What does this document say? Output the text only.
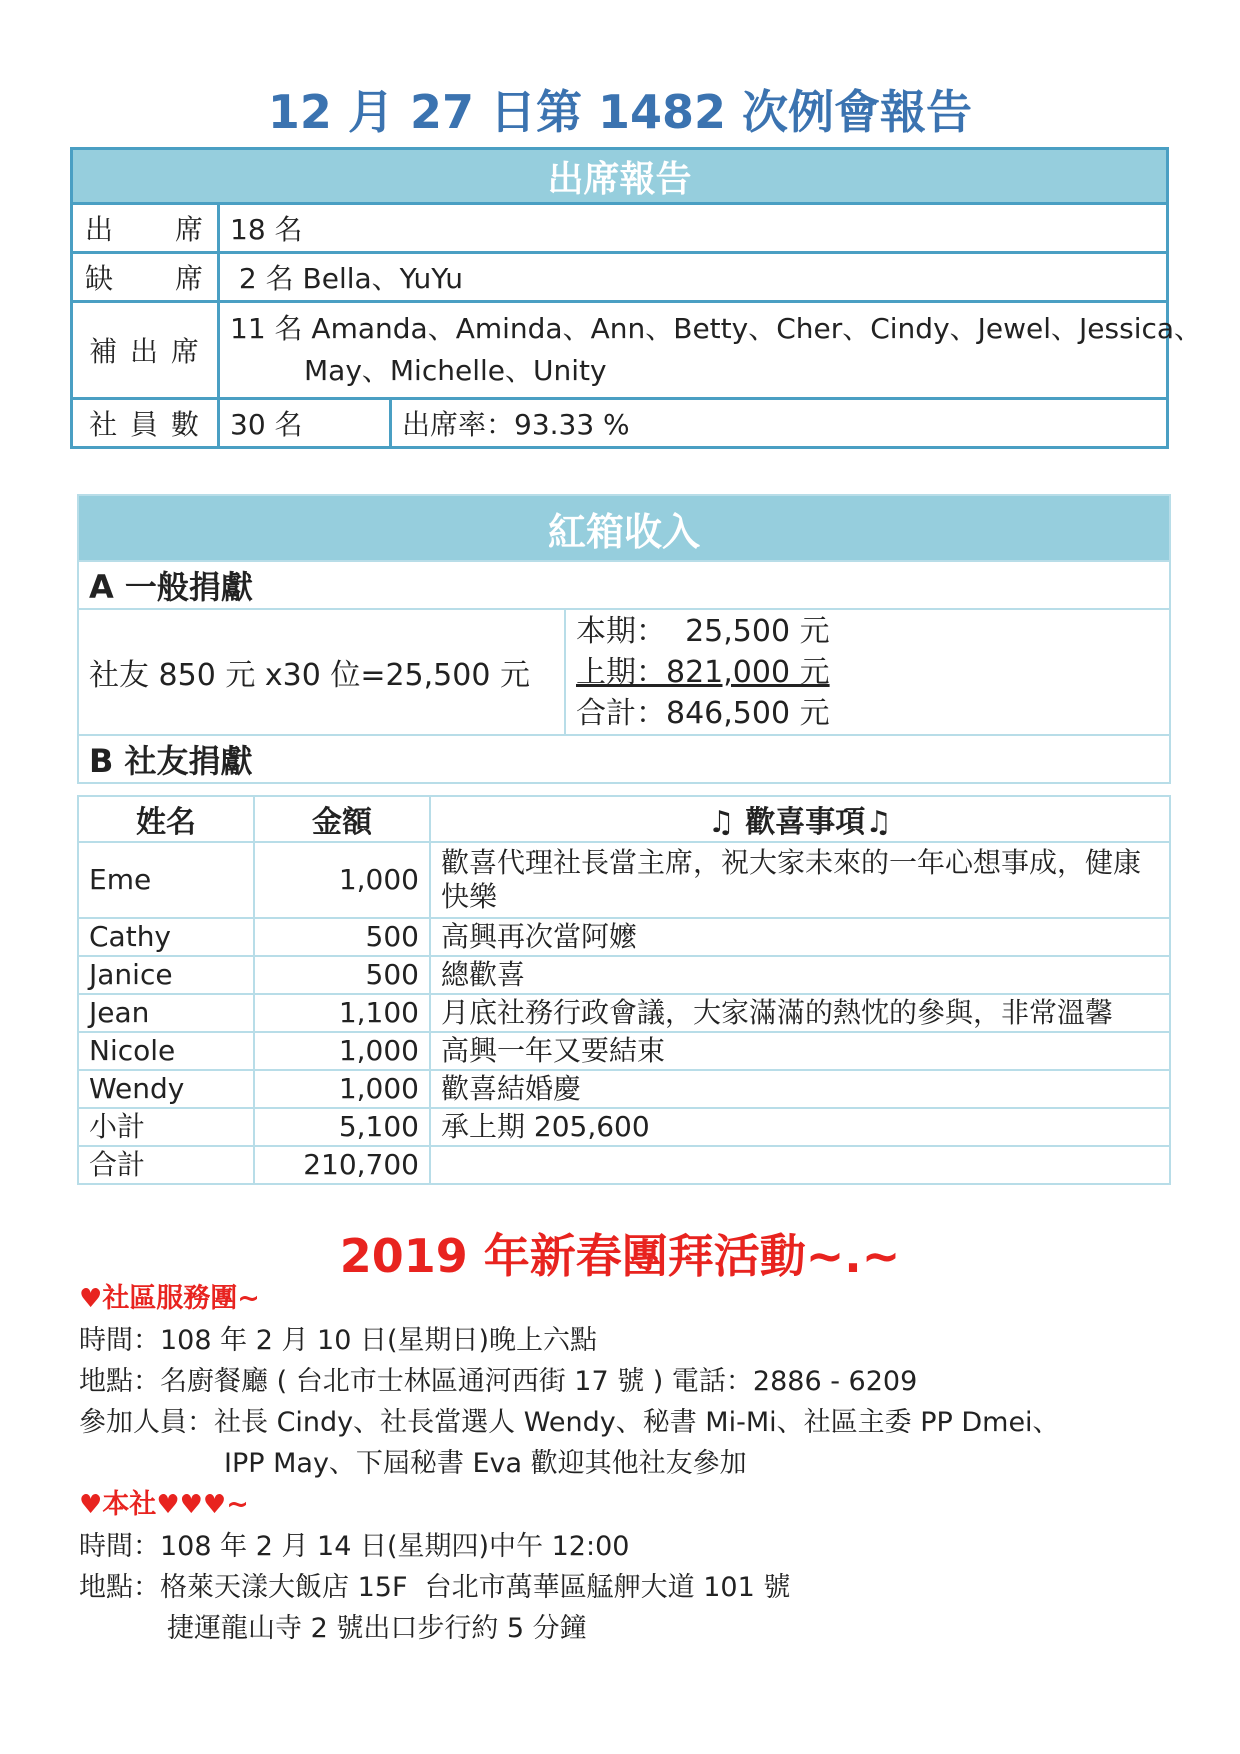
12 月 27 日第 1482 次例會報告
出席報告		
出　　席	18 名	
缺　　席	2 名 Bella、YuYu	
補 出 席	11 名 Amanda、Aminda、Ann、Betty、Cher、Cindy、Jewel、Jessica、
May、Michelle、Unity	

社 員 數	30 名	出席率：93.33 %
紅箱收入
A 一般捐獻
社友 850 元 x30 位=25,500 元	
本期：  25,500 元
上期：821,000 元
合計：846,500 元

B 社友捐獻
姓名	金額	♫ 歡喜事項♫
Eme	1,000	歡喜代理社長當主席，祝大家未來的一年心想事成，健康快樂
Cathy	500	高興再次當阿嬤
Janice	500	總歡喜
Jean	1,100	月底社務行政會議，大家滿滿的熱忱的參與，非常溫馨
Nicole	1,000	高興一年又要結束
Wendy	1,000	歡喜結婚慶
小計	5,100	承上期 205,600
合計	210,700	
2019 年新春團拜活動~.~
♥社區服務團~
時間：108 年 2 月 10 日(星期日)晚上六點
地點：名廚餐廳 ( 台北市士林區通河西街 17 號 ) 電話：2886 - 6209
參加人員：社長 Cindy、社長當選人 Wendy、秘書 Mi-Mi、社區主委 PP Dmei、
IPP May、下屆秘書 Eva 歡迎其他社友參加
♥本社♥♥♥~
時間：108 年 2 月 14 日(星期四)中午 12:00
地點：格萊天漾大飯店 15F  台北市萬華區艋舺大道 101 號
捷運龍山寺 2 號出口步行約 5 分鐘
